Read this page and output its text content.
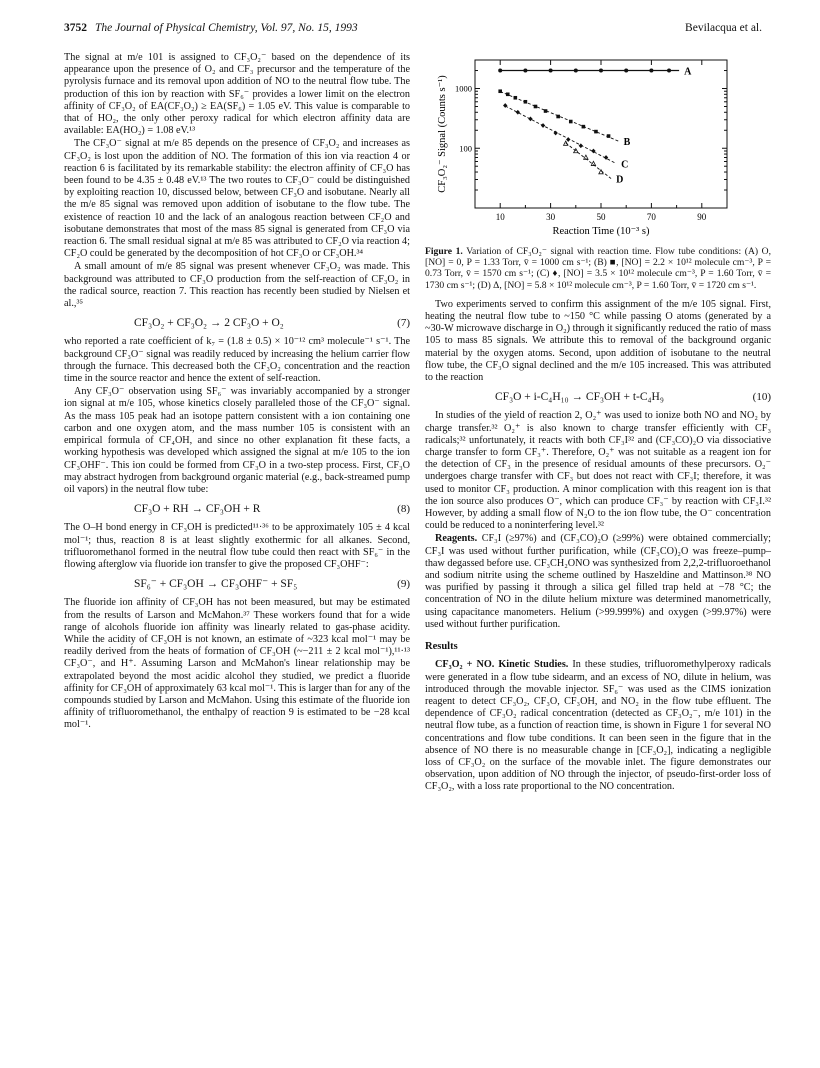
3752 The Journal of Physical Chemistry, Vol. 97, No. 15, 1993	Bevilacqua et al.

The signal at m/e 101 is assigned to CF₃O₂⁻ based on the dependence of its appearance upon the presence of O₂ and CF₃ precursor and the temperature of the pyrolysis furnace and its removal upon addition of NO to the neutral flow tube. The production of this ion by reaction with SF₆⁻ provides a lower limit on the electron affinity of CF₃O₂ of EA(CF₃O₂) ≥ EA(SF₆) = 1.05 eV. This value is comparable to that of HO₂, the only other peroxy radical for which electron affinity data are available: EA(HO₂) = 1.08 eV.¹³

The CF₃O⁻ signal at m/e 85 depends on the presence of CF₃O₂ and increases as CF₃O₂ is lost upon the addition of NO. The formation of this ion via reaction 4 or reaction 6 is facilitated by its remarkable stability: the electron affinity of CF₃O has been found to be 4.35 ± 0.48 eV.¹³ The two routes to CF₃O⁻ could be distinguished by exploiting reaction 10, discussed below, between CF₃O and isobutane. Nearly all the m/e 85 signal was removed upon addition of isobutane to the flow tube. The existence of reaction 10 and the lack of an analogous reaction between CF₂O and isobutane demonstrates that most of the mass 85 signal is generated from CF₃O via reaction 6. The small residual signal at m/e 85 was attributed to CF₂O via reaction 4; CF₂O could be generated by the decomposition of hot CF₃O or CF₃OH.³⁴

A small amount of m/e 85 signal was present whenever CF₃O₂ was made. This background was attributed to CF₃O production from the self-reaction of CF₃O₂ in the radical source, reaction 7. This reaction has recently been studied by Nielsen et al.,³⁵

CF₃O₂ + CF₃O₂ → 2 CF₃O + O₂	(7)

who reported a rate coefficient of k₇ = (1.8 ± 0.5) × 10⁻¹² cm³ molecule⁻¹ s⁻¹. The background CF₃O⁻ signal was readily reduced by increasing the helium carrier flow through the furnace. This decreased both the CF₃O₂ concentration and the reaction time in the source reactor and hence the extent of self-reaction.

Any CF₃O⁻ observation using SF₆⁻ was invariably accompanied by a stronger ion signal at m/e 105, whose kinetics closely paralleled those of the CF₃O⁻ signal. As the mass 105 peak had an isotope pattern consistent with a ion containing one carbon and one oxygen atom, and the mass number 105 is consistent with an empirical formula of CF₄OH, and since no other explanation fit these facts, a working hypothesis was developed which assigned the signal at m/e 105 to the ion CF₃OHF⁻. This ion could be formed from CF₃O in a two-step process. First, CF₃O may abstract hydrogen from background organic material (e.g., back-streamed pump oil vapors) in the neutral flow tube:

CF₃O + RH → CF₃OH + R	(8)

The O–H bond energy in CF₃OH is predicted¹¹·³⁶ to be approximately 105 ± 4 kcal mol⁻¹; thus, reaction 8 is at least slightly exothermic for all alkanes. Second, trifluoromethanol formed in the neutral flow tube could then react with SF₆⁻ in the flowing afterglow via fluoride ion transfer to give the proposed CF₃OHF⁻:

SF₆⁻ + CF₃OH → CF₃OHF⁻ + SF₅	(9)

The fluoride ion affinity of CF₃OH has not been measured, but may be estimated from the results of Larson and McMahon.³⁷ These workers found that for a wide range of alcohols fluoride ion affinity was linearly related to gas-phase acidity. While the acidity of CF₃OH is not known, an estimate of ~323 kcal mol⁻¹ may be readily derived from the heats of formation of CF₃OH (~−211 ± 2 kcal mol⁻¹),¹¹·¹³ CF₃O⁻, and H⁺. Assuming Larson and McMahon's linear relationship may be extrapolated beyond the most acidic alcohol they studied, we predict a fluoride affinity for CF₃OH of approximately 63 kcal mol⁻¹. This is larger than for any of the compounds studied by Larson and McMahon. Using this estimate of the fluoride ion affinity of trifluoromethanol, the enthalpy of reaction 9 is estimated to be −28 kcal mol⁻¹.

10	30	50	70	90
1000
100
Reaction Time (10⁻³ s)
CF₃O₂⁻ Signal (Counts s⁻¹)
A
B
C
D
Figure 1. Variation of CF₃O₂⁻ signal with reaction time. Flow tube conditions: (A) O, [NO] = 0, P = 1.33 Torr, v̄ = 1000 cm s⁻¹; (B) ■, [NO] = 2.2 × 10¹² molecule cm⁻³, P = 0.73 Torr, v̄ = 1570 cm s⁻¹; (C) ♦, [NO] = 3.5 × 10¹² molecule cm⁻³, P = 1.60 Torr, v̄ = 1730 cm s⁻¹; (D) Δ, [NO] = 5.8 × 10¹² molecule cm⁻³, P = 1.60 Torr, v̄ = 1720 cm s⁻¹.

Two experiments served to confirm this assignment of the m/e 105 signal. First, heating the neutral flow tube to ~150 °C while passing O atoms (generated by a ~30-W microwave discharge in O₂) through it significantly reduced the ratio of mass 105 to mass 85 signals. We attribute this to removal of the background organic material by the oxygen atoms. Second, upon addition of isobutane to the neutral flow tube, the CF₃O signal declined and the m/e 105 increased. This was attributed to the reaction

CF₃O + i-C₄H₁₀ → CF₃OH + t-C₄H₉	(10)

In studies of the yield of reaction 2, O₂⁺ was used to ionize both NO and NO₂ by charge transfer.³² O₂⁺ is also known to charge transfer efficiently with CF₃ radicals;³² unfortunately, it reacts with both CF₃I³² and (CF₃CO)₂O via dissociative charge transfer to form CF₃⁺. Therefore, O₂⁺ was not suitable as a reagent ion for the detection of CF₃ in the presence of residual amounts of these precursors. O₂⁻ undergoes charge transfer with CF₃ but does not react with CF₃I; therefore, it was used to monitor CF₃ production. A minor complication with this reagent ion is that the ion source also produces O⁻, which can produce CF₃⁻ by reaction with CF₃I.³² However, by adding a small flow of N₂O to the ion flow tube, the O⁻ concentration could be reduced to a noninterfering level.³²

Reagents. CF₃I (≥97%) and (CF₃CO)₂O (≥99%) were obtained commercially; CF₃I was used without further purification, while (CF₃CO)₂O was freeze–pump–thaw degassed before use. CF₃CH₂ONO was synthesized from 2,2,2-trifluoroethanol and sodium nitrite using the scheme outlined by Haszeldine and Mattinson.³⁸ NO was purified by passing it through a silica gel filled trap held at −78 °C; the concentration of NO in the dilute helium mixture was determined manometrically, using capacitance manometers. Helium (>99.999%) and oxygen (>99.97%) were used without further purification.

Results

CF₃O₂ + NO. Kinetic Studies. In these studies, trifluoromethylperoxy radicals were generated in a flow tube sidearm, and an excess of NO, dilute in helium, was introduced through the movable injector. SF₆⁻ was used as the CIMS ionization reagent to detect CF₃O₂, CF₃O, CF₃OH, and NO₂ in the flow tube effluent. The dependence of CF₃O₂ radical concentration (detected as CF₃O₂⁻, m/e 101) in the neutral flow tube, as a function of reaction time, is shown in Figure 1 for several NO concentrations and flow tube conditions. It can been seen in the figure that in the absence of NO there is no measurable change in [CF₃O₂], indicating a negligible loss of CF₃O₂ on the surface of the movable inlet. The figure demonstrates our observation, upon addition of NO through the injector, of pseudo-first-order loss of CF₃O₂, with a loss rate proportional to the NO concentration.
